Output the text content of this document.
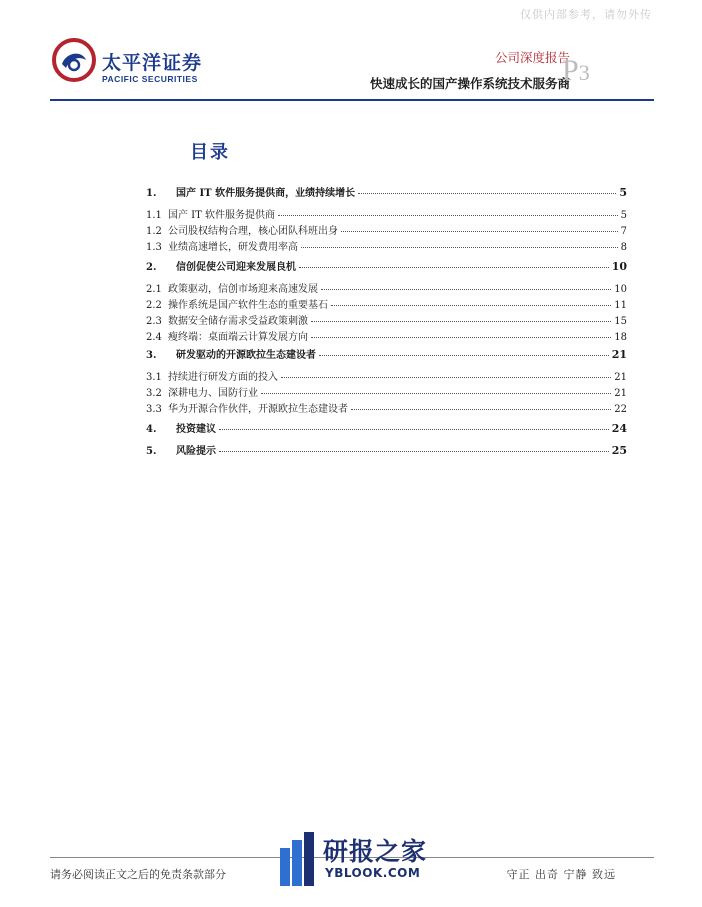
仅供内部参考，请勿外传
太平洋证券
PACIFIC SECURITIES
公司深度报告
快速成长的国产操作系统技术服务商
P3
目录
1.	国产 IT 软件服务提供商，业绩持续增长	5
1.1 国产 IT 软件服务提供商	5
1.2 公司股权结构合理，核心团队科班出身	7
1.3 业绩高速增长，研发费用率高	8
2.	信创促使公司迎来发展良机	10
2.1 政策驱动，信创市场迎来高速发展	10
2.2 操作系统是国产软件生态的重要基石	11
2.3 数据安全储存需求受益政策刺激	15
2.4 瘦终端：桌面端云计算发展方向	18
3.	研发驱动的开源欧拉生态建设者	21
3.1 持续进行研发方面的投入	21
3.2 深耕电力、国防行业	21
3.3 华为开源合作伙伴，开源欧拉生态建设者	22
4.	投资建议	24
5.	风险提示	25
请务必阅读正文之后的免责条款部分
研报之家
YBLOOK.COM	守正 出奇 宁静 致远
